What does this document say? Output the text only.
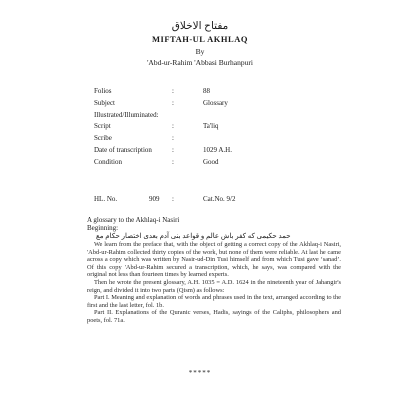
مفتاح الاخلاق
MIFTAH-UL AKHLAQ
By
'Abd-ur-Rahim 'Abbasi Burhanpuri
Folios	:	88
Subject	:	Glossary
Illustrated/Illuminated:
Script	:	Ta'liq
Scribe	:
Date of transcription	:	1029 A.H.
Condition	:	Good
HL. No.	909 :	Cat.No. 9/2
A glossary to the Akhlaq-i Nasiri
Beginning:
حمد حکیمی که کفر باش عالم و قواعد بنی آدم بعدی اختصار حکام مع

We learn from the preface that, with the object of getting a correct copy of the Akhlaq-i Nasiri, 'Abd-ur-Rahim collected thirty copies of the work, but none of them were reliable. At last he came across a copy which was written by Nasir-ud-Din Tusi himself and from which Tusi gave ‘sanad’. Of this copy 'Abd-ur-Rahim secured a transcription, which, he says, was compared with the original not less than fourteen times by learned experts.

Then he wrote the present glossary, A.H. 1035 = A.D. 1624 in the nineteenth year of Jahangir's reign, and divided it into two parts (Qism) as follows:

Part I. Meaning and explanation of words and phrases used in the text, arranged according to the first and the last letter, fol. 1b.

Part II. Explanations of the Quranic verses, Hadis, sayings of the Caliphs, philosophers and poets, fol. 71a.

*****
